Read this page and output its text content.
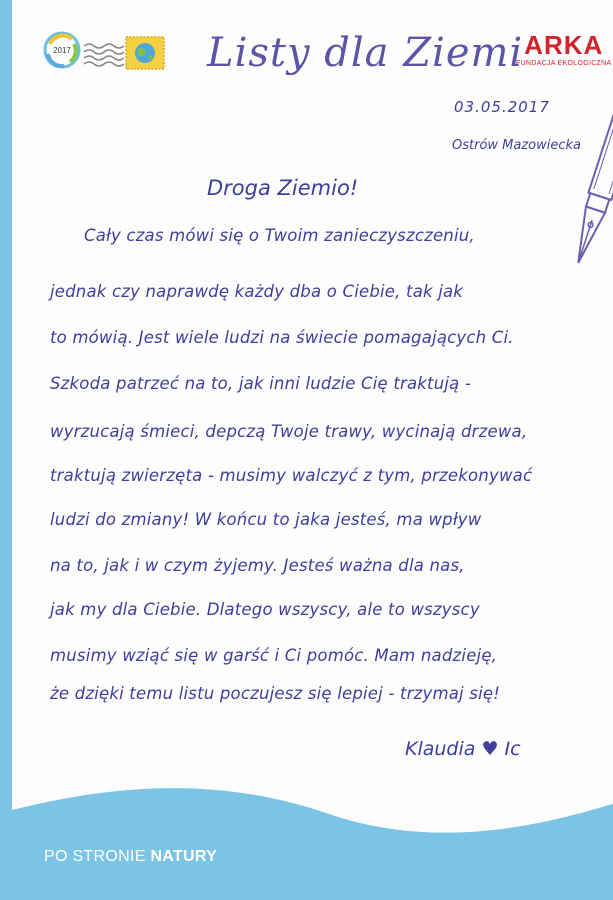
2017	Listy dla Ziemi ARKA
FUNDACJA EKOLOGICZNA
03.05.2017
Ostrów Mazowiecka
Droga Ziemio!
Cały czas mówi się o Twoim zanieczyszczeniu,
jednak czy naprawdę każdy dba o Ciebie, tak jak
to mówią. Jest wiele ludzi na świecie pomagających Ci.
Szkoda patrzeć na to, jak inni ludzie Cię traktują -
wyrzucają śmieci, depczą Twoje trawy, wycinają drzewa,
traktują zwierzęta - musimy walczyć z tym, przekonywać
ludzi do zmiany! W końcu to jaka jesteś, ma wpływ
na to, jak i w czym żyjemy. Jesteś ważna dla nas,
jak my dla Ciebie. Dlatego wszyscy, ale to wszyscy
musimy wziąć się w garść i Ci pomóc. Mam nadzieję,
że dzięki temu listu poczujesz się lepiej - trzymaj się!
Klaudia ♥ Ic
PO STRONIE NATURY
